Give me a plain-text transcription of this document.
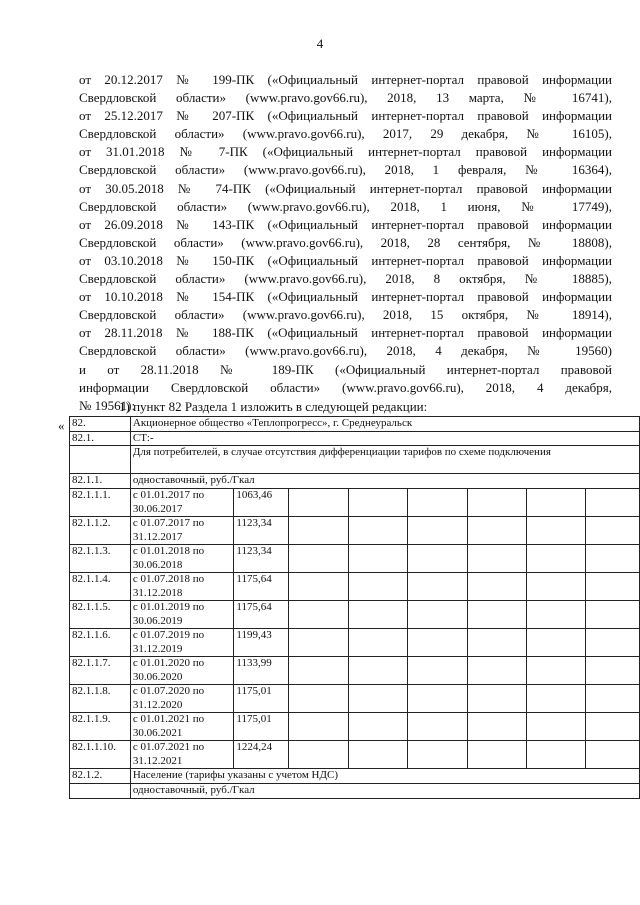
4
от 20.12.2017 № 199-ПК («Официальный интернет-портал правовой информации
Свердловской области» (www.pravo.gov66.ru), 2018, 13 марта, № 16741),
от 25.12.2017 № 207-ПК («Официальный интернет-портал правовой информации
Свердловской области» (www.pravo.gov66.ru), 2017, 29 декабря, № 16105),
от 31.01.2018 № 7-ПК («Официальный интернет-портал правовой информации
Свердловской области» (www.pravo.gov66.ru), 2018, 1 февраля, № 16364),
от 30.05.2018 № 74-ПК («Официальный интернет-портал правовой информации
Свердловской области» (www.pravo.gov66.ru), 2018, 1 июня, № 17749),
от 26.09.2018 № 143-ПК («Официальный интернет-портал правовой информации
Свердловской области» (www.pravo.gov66.ru), 2018, 28 сентября, № 18808),
от 03.10.2018 № 150-ПК («Официальный интернет-портал правовой информации
Свердловской области» (www.pravo.gov66.ru), 2018, 8 октября, № 18885),
от 10.10.2018 № 154-ПК («Официальный интернет-портал правовой информации
Свердловской области» (www.pravo.gov66.ru), 2018, 15 октября, № 18914),
от 28.11.2018 № 188-ПК («Официальный интернет-портал правовой информации
Свердловской области» (www.pravo.gov66.ru), 2018, 4 декабря, № 19560)
и от 28.11.2018 № 189-ПК («Официальный интернет-портал правовой
информации Свердловской области» (www.pravo.gov66.ru), 2018, 4 декабря,
№ 19561):
1) пункт 82 Раздела 1 изложить в следующей редакции:
« 82.	Акционерное общество «Теплопрогресс», г. Среднеуральск							
82.1.	СТ:-							
	Для потребителей, в случае отсутствия дифференциации тарифов по схеме подключения							
82.1.1.	одноставочный, руб./Гкал							
82.1.1.1.	с 01.01.2017 по 30.06.2017	1063,46						
82.1.1.2.	с 01.07.2017 по 31.12.2017	1123,34						
82.1.1.3.	с 01.01.2018 по 30.06.2018	1123,34						
82.1.1.4.	с 01.07.2018 по 31.12.2018	1175,64						
82.1.1.5.	с 01.01.2019 по 30.06.2019	1175,64						
82.1.1.6.	с 01.07.2019 по 31.12.2019	1199,43						
82.1.1.7.	с 01.01.2020 по 30.06.2020	1133,99						
82.1.1.8.	с 01.07.2020 по 31.12.2020	1175,01						
82.1.1.9.	с 01.01.2021 по 30.06.2021	1175,01						
82.1.1.10.	с 01.07.2021 по 31.12.2021	1224,24						
82.1.2.	Население (тарифы указаны с учетом НДС)							
	одноставочный, руб./Гкал							
